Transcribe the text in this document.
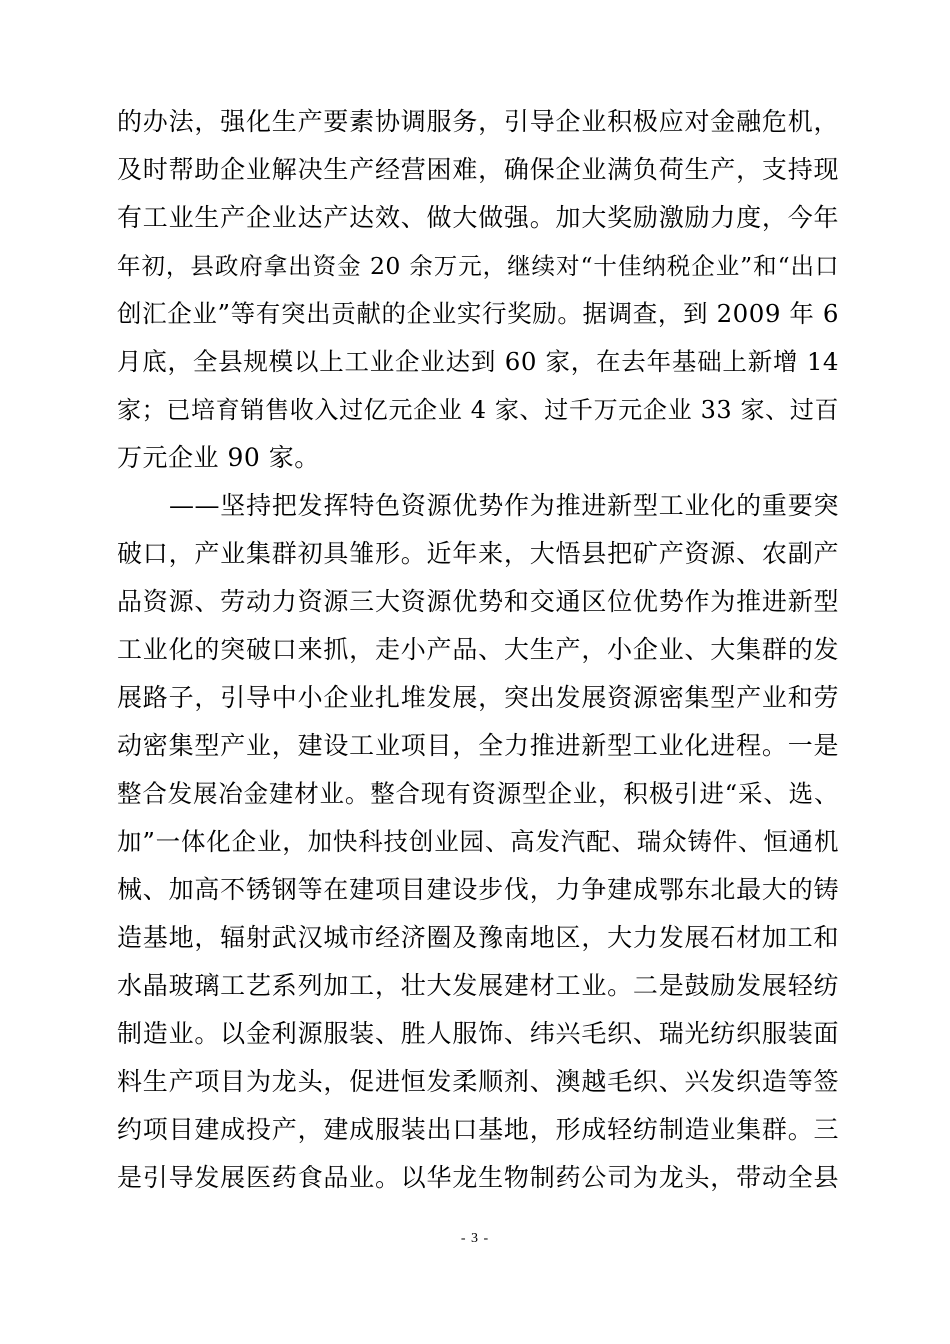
的办法，强化生产要素协调服务，引导企业积极应对金融危机，
及时帮助企业解决生产经营困难，确保企业满负荷生产，支持现
有工业生产企业达产达效、做大做强。加大奖励激励力度，今年
年初，县政府拿出资金 20 余万元，继续对“十佳纳税企业”和“出口
创汇企业”等有突出贡献的企业实行奖励。据调查，到 2009 年 6
月底，全县规模以上工业企业达到 60 家，在去年基础上新增 14
家；已培育销售收入过亿元企业 4 家、过千万元企业 33 家、过百
万元企业 90 家。
——坚持把发挥特色资源优势作为推进新型工业化的重要突
破口，产业集群初具雏形。近年来，大悟县把矿产资源、农副产
品资源、劳动力资源三大资源优势和交通区位优势作为推进新型
工业化的突破口来抓，走小产品、大生产，小企业、大集群的发
展路子，引导中小企业扎堆发展，突出发展资源密集型产业和劳
动密集型产业，建设工业项目，全力推进新型工业化进程。一是
整合发展冶金建材业。整合现有资源型企业，积极引进“采、选、
加”一体化企业，加快科技创业园、高发汽配、瑞众铸件、恒通机
械、加高不锈钢等在建项目建设步伐，力争建成鄂东北最大的铸
造基地，辐射武汉城市经济圈及豫南地区，大力发展石材加工和
水晶玻璃工艺系列加工，壮大发展建材工业。二是鼓励发展轻纺
制造业。以金利源服装、胜人服饰、纬兴毛织、瑞光纺织服装面
料生产项目为龙头，促进恒发柔顺剂、澳越毛织、兴发织造等签
约项目建成投产，建成服装出口基地，形成轻纺制造业集群。三
是引导发展医药食品业。以华龙生物制药公司为龙头，带动全县
- 3 -
